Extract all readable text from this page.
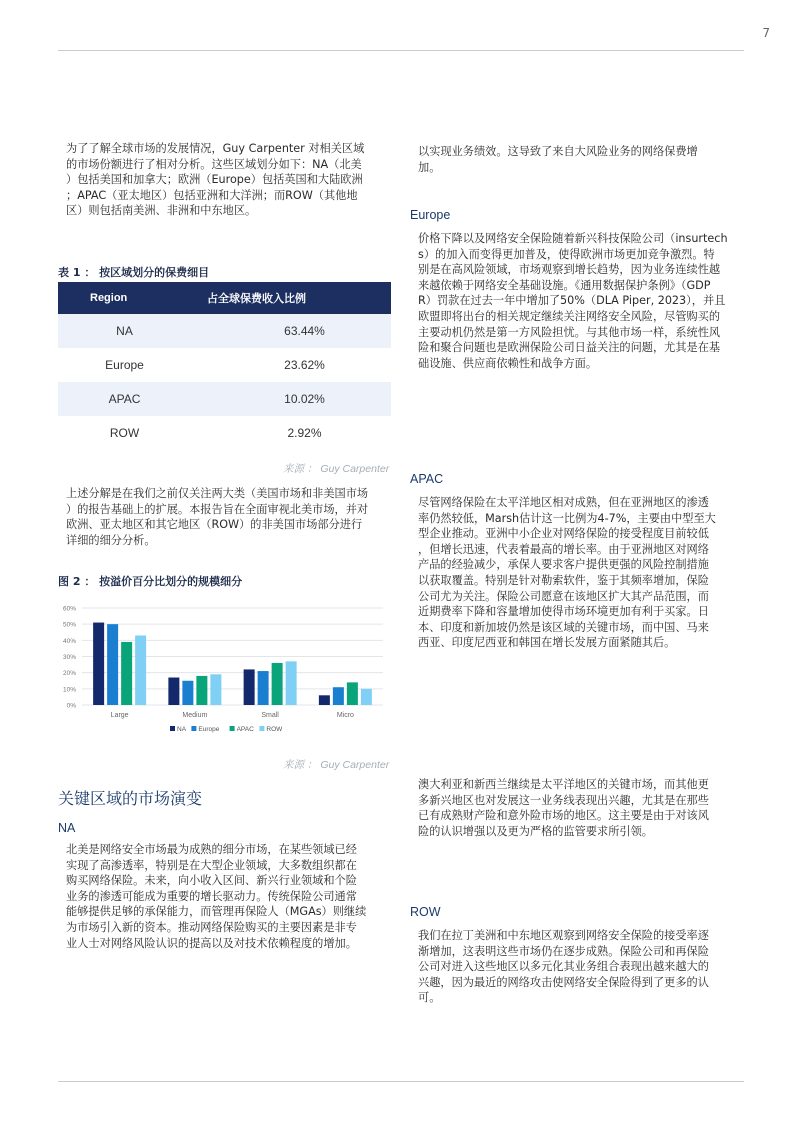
7
为了了解全球市场的发展情况，Guy Carpenter 对相关区域
的市场份额进行了相对分析。这些区域划分如下：NA（北美
）包括美国和加拿大；欧洲（Europe）包括英国和大陆欧洲
；APAC（亚太地区）包括亚洲和大洋洲；而ROW（其他地
区）则包括南美洲、非洲和中东地区。
表 1 ： 按区域划分的保费细目
Region	占全球保费收入比例
NA	63.44%
Europe	23.62%
APAC	10.02%
ROW	2.92%
来源 ： Guy Carpenter
上述分解是在我们之前仅关注两大类（美国市场和非美国市场
）的报告基础上的扩展。本报告旨在全面审视北美市场，并对
欧洲、亚太地区和其它地区（ROW）的非美国市场部分进行
详细的细分分析。
图 2 ： 按溢价百分比划分的规模细分
0%
10%
20%
30%
40%
50%
60%
Large	Medium	Small	Micro
NA Europe	APAC ROW
来源 ： Guy Carpenter
关键区域的市场演变
NA
北美是网络安全市场最为成熟的细分市场，在某些领域已经
实现了高渗透率，特别是在大型企业领域，大多数组织都在
购买网络保险。未来，向小收入区间、新兴行业领域和个险
业务的渗透可能成为重要的增长驱动力。传统保险公司通常
能够提供足够的承保能力，而管理再保险人（MGAs）则继续
为市场引入新的资本。推动网络保险购买的主要因素是非专
业人士对网络风险认识的提高以及对技术依赖程度的增加。
以实现业务绩效。这导致了来自大风险业务的网络保费增
加。
Europe
价格下降以及网络安全保险随着新兴科技保险公司（insurtech
s）的加入而变得更加普及，使得欧洲市场更加竞争激烈。特
别是在高风险领域，市场观察到增长趋势，因为业务连续性越
来越依赖于网络安全基础设施。《通用数据保护条例》（GDP
R）罚款在过去一年中增加了50%（DLA Piper, 2023），并且
欧盟即将出台的相关规定继续关注网络安全风险，尽管购买的
主要动机仍然是第一方风险担忧。与其他市场一样，系统性风
险和聚合问题也是欧洲保险公司日益关注的问题，尤其是在基
础设施、供应商依赖性和战争方面。
APAC
尽管网络保险在太平洋地区相对成熟，但在亚洲地区的渗透
率仍然较低，Marsh估计这一比例为4-7%，主要由中型至大
型企业推动。亚洲中小企业对网络保险的接受程度目前较低
，但增长迅速，代表着最高的增长率。由于亚洲地区对网络
产品的经验减少，承保人要求客户提供更强的风险控制措施
以获取覆盖。特别是针对勒索软件，鉴于其频率增加，保险
公司尤为关注。保险公司愿意在该地区扩大其产品范围，而
近期费率下降和容量增加使得市场环境更加有利于买家。日
本、印度和新加坡仍然是该区域的关键市场，而中国、马来
西亚、印度尼西亚和韩国在增长发展方面紧随其后。
澳大利亚和新西兰继续是太平洋地区的关键市场，而其他更
多新兴地区也对发展这一业务线表现出兴趣，尤其是在那些
已有成熟财产险和意外险市场的地区。这主要是由于对该风
险的认识增强以及更为严格的监管要求所引领。
ROW
我们在拉丁美洲和中东地区观察到网络安全保险的接受率逐
渐增加，这表明这些市场仍在逐步成熟。保险公司和再保险
公司对进入这些地区以多元化其业务组合表现出越来越大的
兴趣，因为最近的网络攻击使网络安全保险得到了更多的认
可。
